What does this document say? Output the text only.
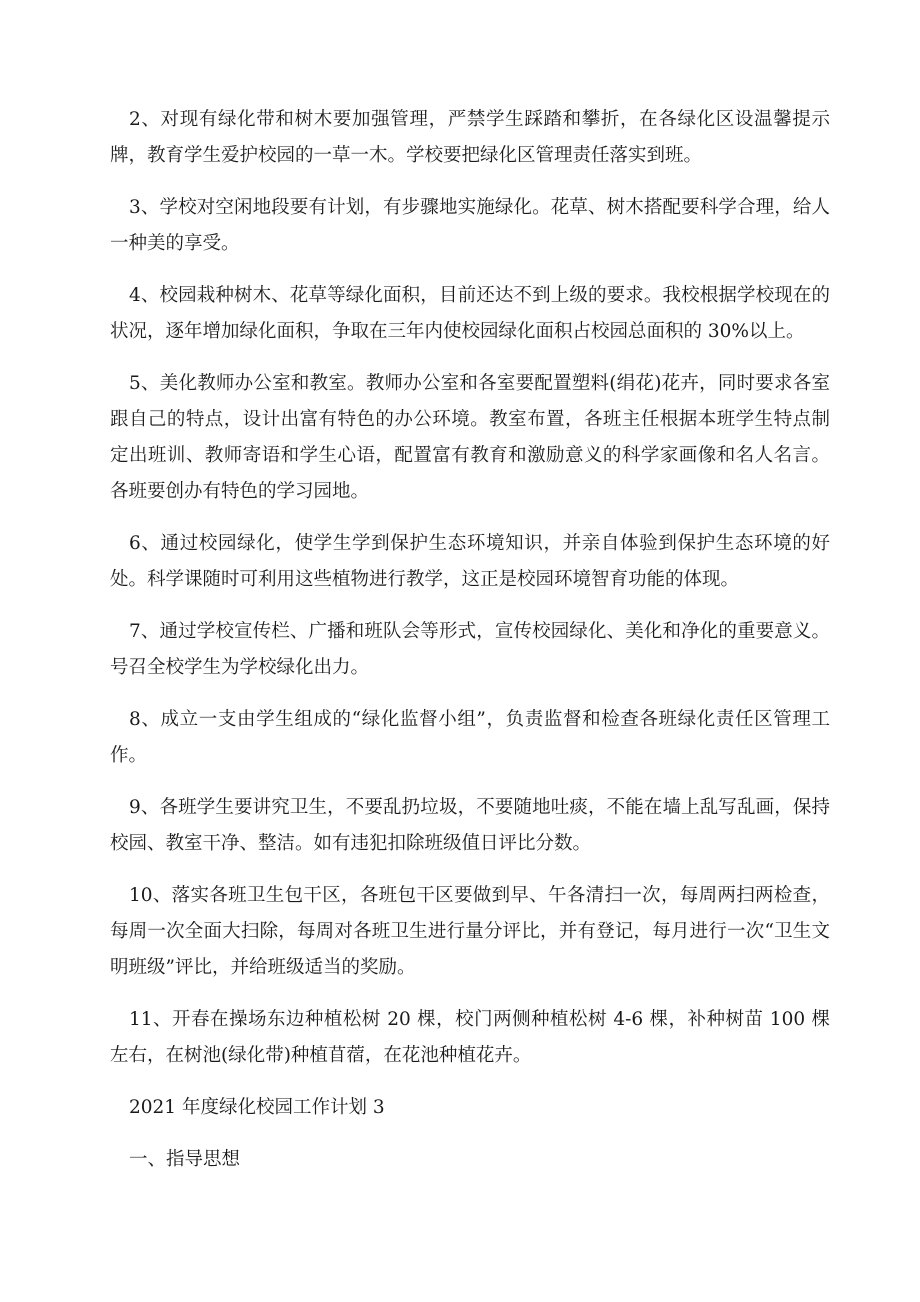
2、对现有绿化带和树木要加强管理，严禁学生踩踏和攀折，在各绿化区设温馨提示牌，教育学生爱护校园的一草一木。学校要把绿化区管理责任落实到班。

3、学校对空闲地段要有计划，有步骤地实施绿化。花草、树木搭配要科学合理，给人一种美的享受。

4、校园栽种树木、花草等绿化面积，目前还达不到上级的要求。我校根据学校现在的状况，逐年增加绿化面积，争取在三年内使校园绿化面积占校园总面积的 30%以上。

5、美化教师办公室和教室。教师办公室和各室要配置塑料(绢花)花卉，同时要求各室跟自己的特点，设计出富有特色的办公环境。教室布置，各班主任根据本班学生特点制定出班训、教师寄语和学生心语，配置富有教育和激励意义的科学家画像和名人名言。各班要创办有特色的学习园地。

6、通过校园绿化，使学生学到保护生态环境知识，并亲自体验到保护生态环境的好处。科学课随时可利用这些植物进行教学，这正是校园环境智育功能的体现。

7、通过学校宣传栏、广播和班队会等形式，宣传校园绿化、美化和净化的重要意义。号召全校学生为学校绿化出力。

8、成立一支由学生组成的“绿化监督小组”，负责监督和检查各班绿化责任区管理工作。

9、各班学生要讲究卫生，不要乱扔垃圾，不要随地吐痰，不能在墙上乱写乱画，保持校园、教室干净、整洁。如有违犯扣除班级值日评比分数。

10、落实各班卫生包干区，各班包干区要做到早、午各清扫一次，每周两扫两检查，每周一次全面大扫除，每周对各班卫生进行量分评比，并有登记，每月进行一次“卫生文明班级”评比，并给班级适当的奖励。

11、开春在操场东边种植松树 20 棵，校门两侧种植松树 4-6 棵，补种树苗 100 棵左右，在树池(绿化带)种植苜蓿，在花池种植花卉。

2021 年度绿化校园工作计划 3

一、指导思想
